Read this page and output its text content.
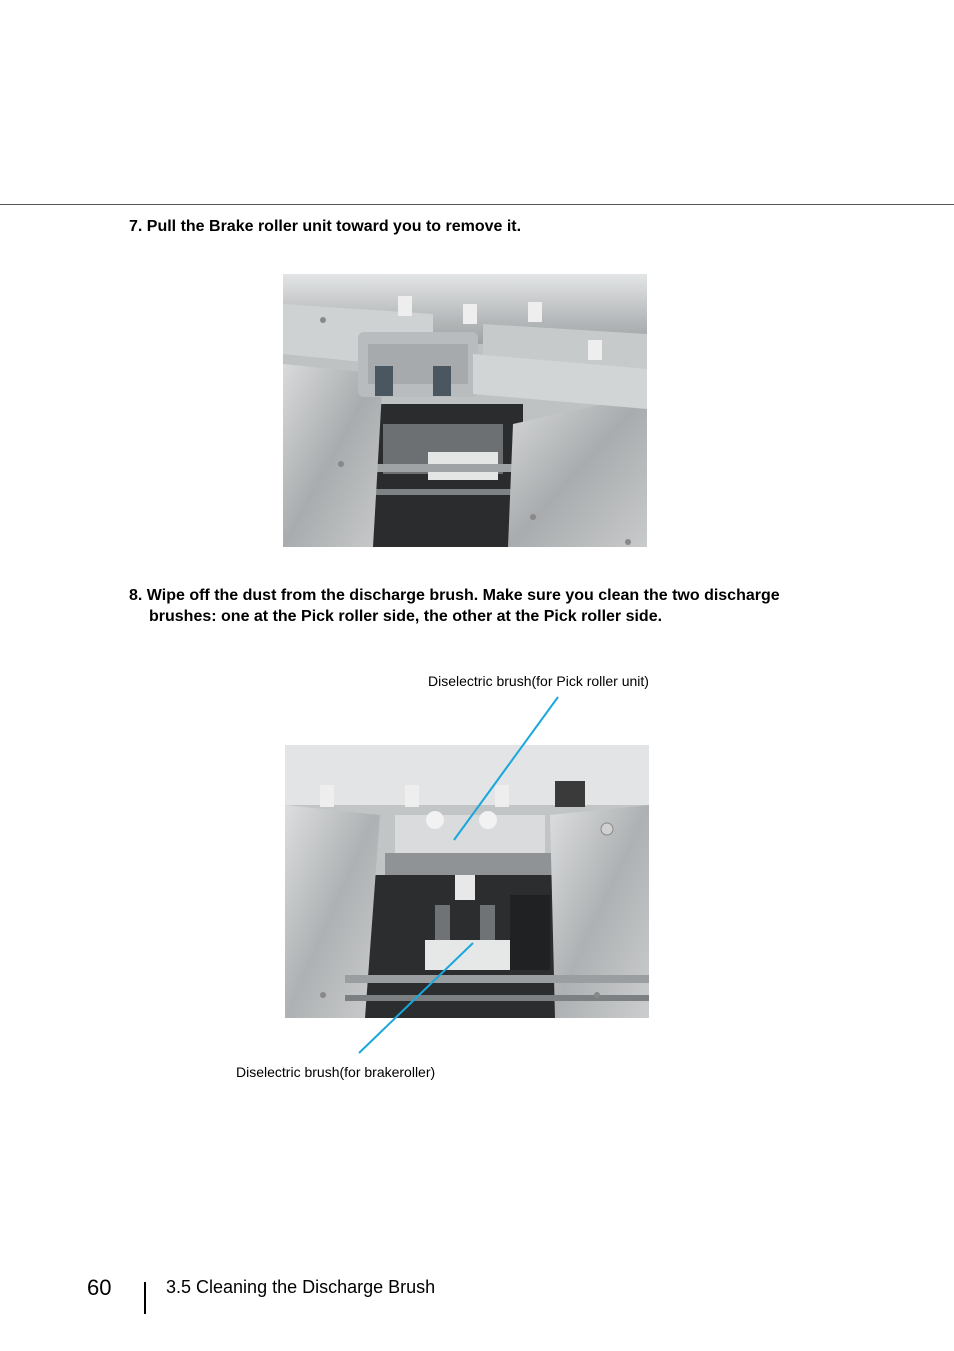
7. Pull the Brake roller unit toward you to remove it.
8. Wipe off the dust from the discharge brush. Make sure you clean the two discharge
brushes: one at the Pick roller side, the other at the Pick roller side.
Diselectric brush(for Pick roller unit)
Diselectric brush(for brakeroller)
60	3.5 Cleaning the Discharge Brush
